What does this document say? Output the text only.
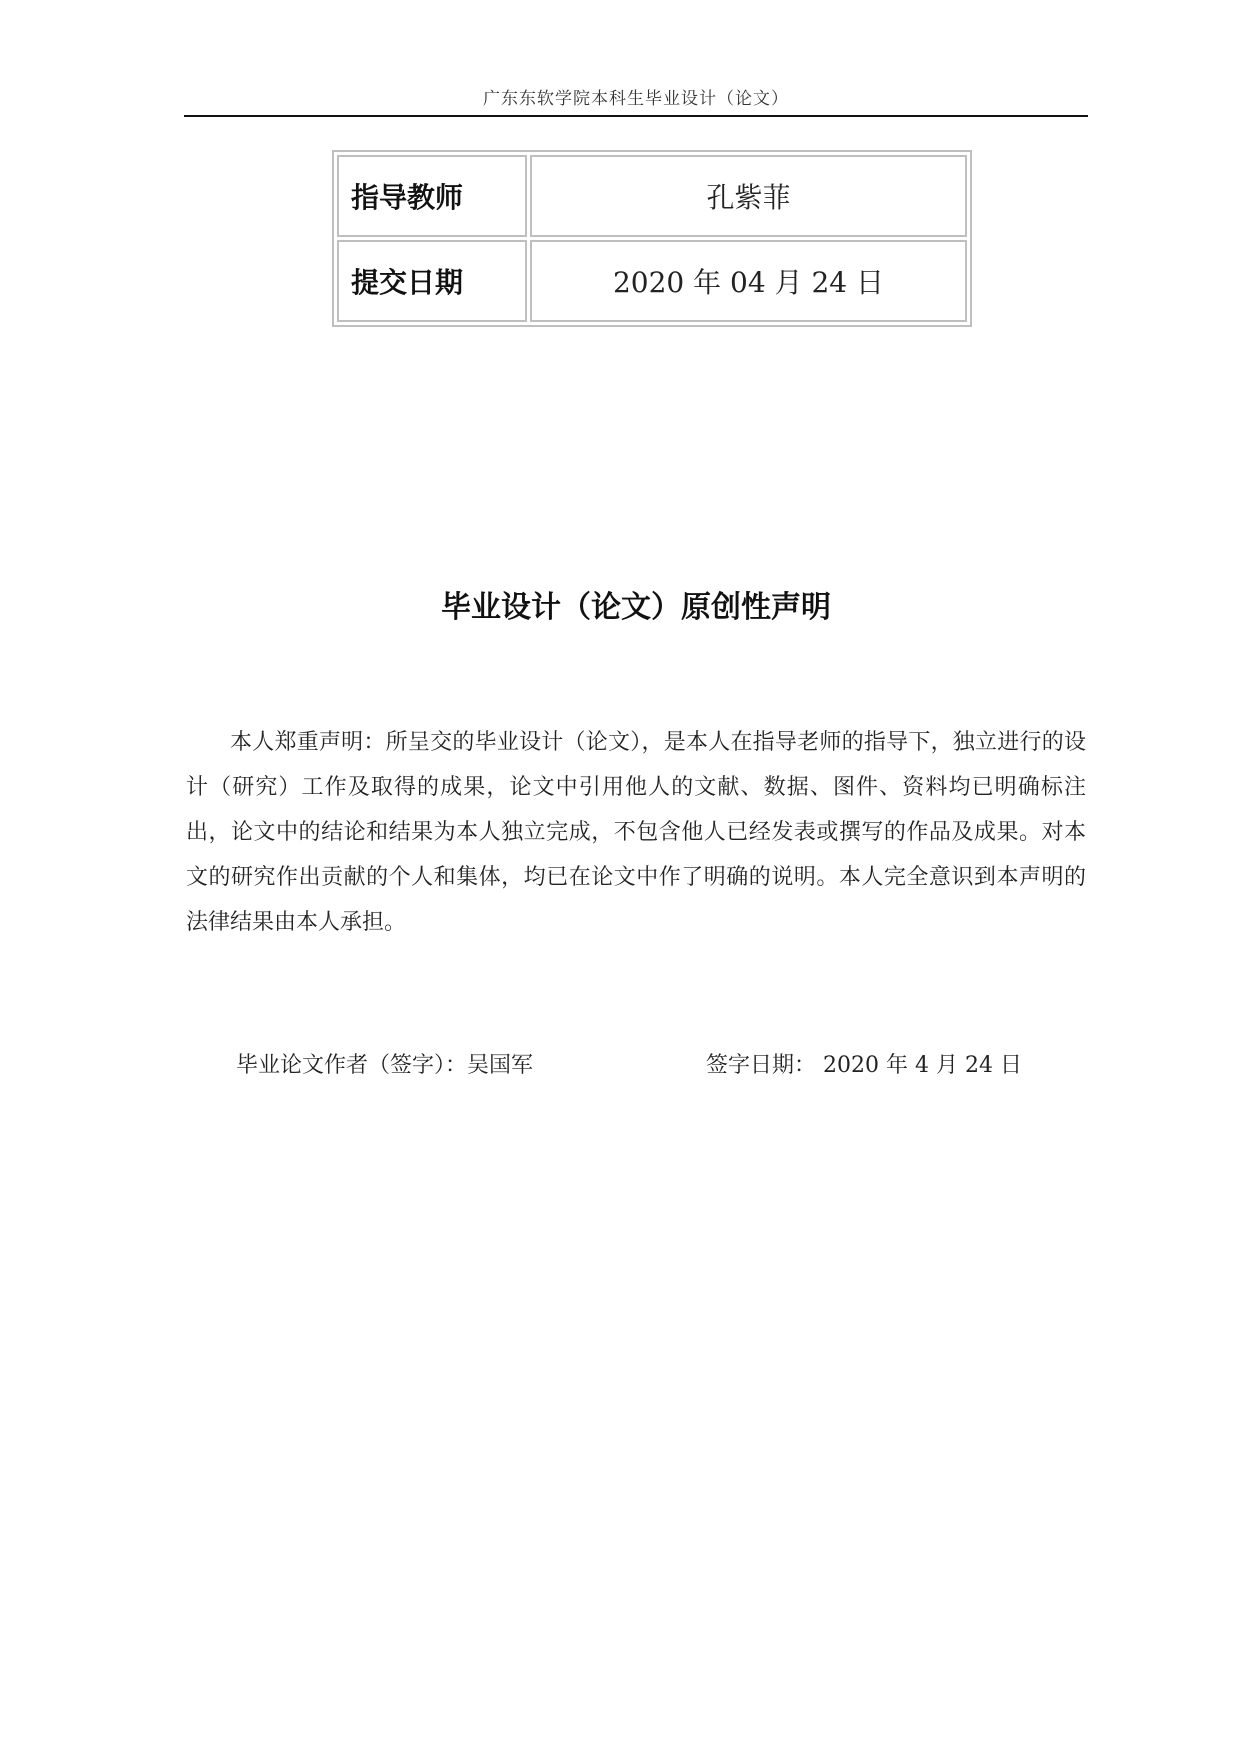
广东东软学院本科生毕业设计（论文）
指导教师	孔紫菲
提交日期	2020 年 04 月 24 日
毕业设计（论文）原创性声明
本人郑重声明：所呈交的毕业设计（论文），是本人在指导老师的指导下，独立进行的设计（研究）工作及取得的成果，论文中引用他人的文献、数据、图件、资料均已明确标注出，论文中的结论和结果为本人独立完成，不包含他人已经发表或撰写的作品及成果。对本文的研究作出贡献的个人和集体，均已在论文中作了明确的说明。本人完全意识到本声明的法律结果由本人承担。
毕业论文作者（签字）：吴国军	签字日期： 2020 年 4 月 24 日
